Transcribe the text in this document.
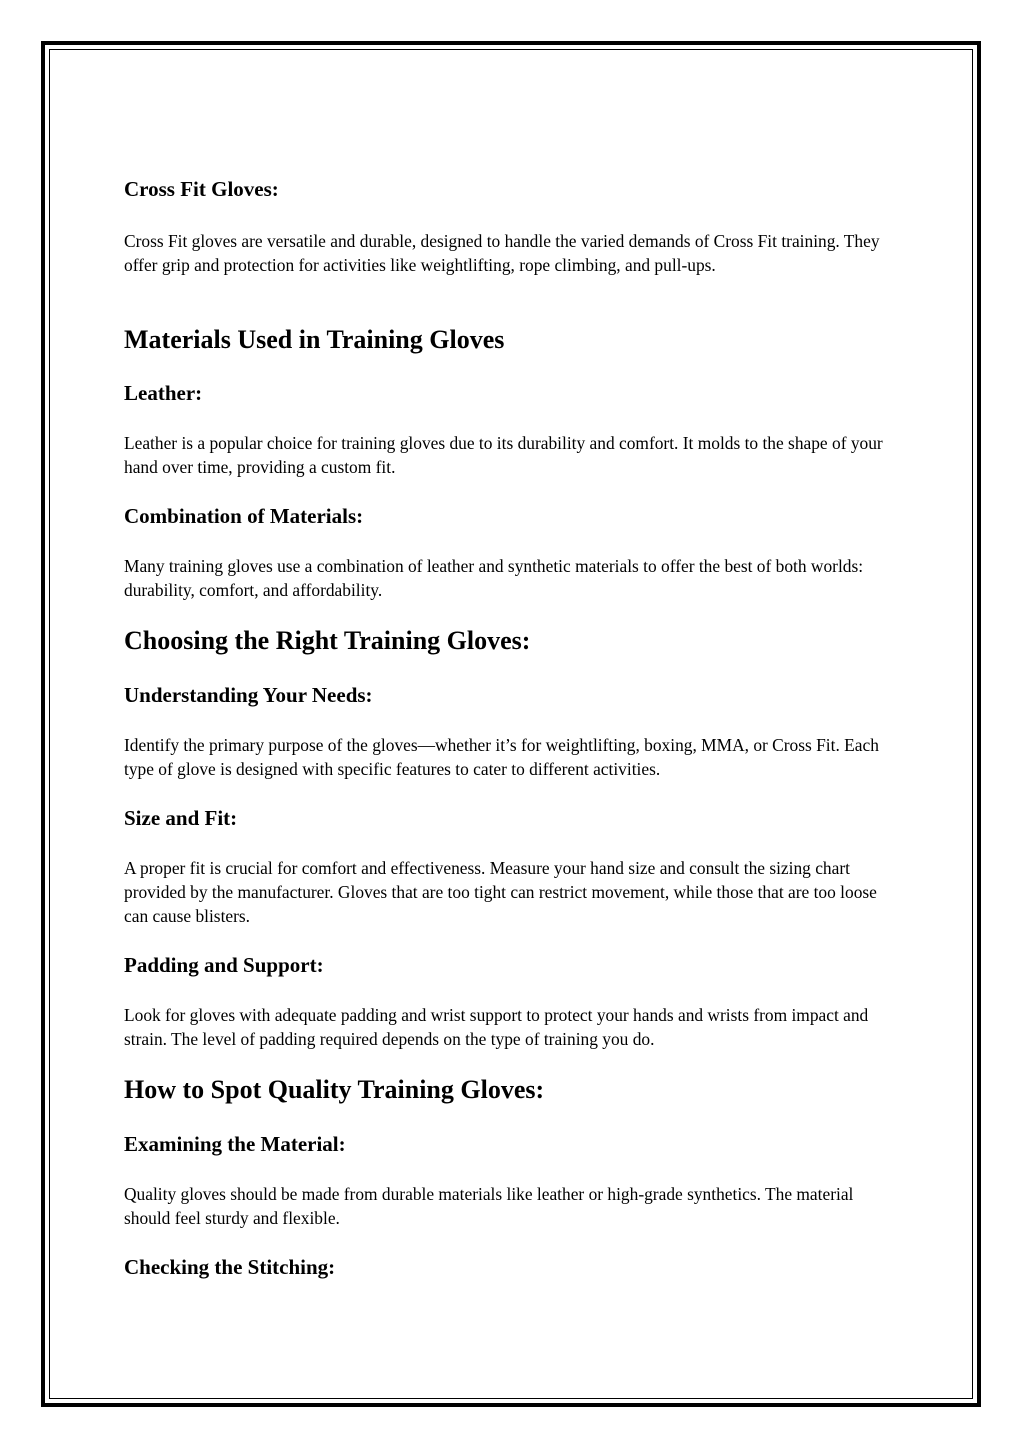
Cross Fit Gloves:

Cross Fit gloves are versatile and durable, designed to handle the varied demands of Cross Fit training. They offer grip and protection for activities like weightlifting, rope climbing, and pull-ups.

Materials Used in Training Gloves
Leather:

Leather is a popular choice for training gloves due to its durability and comfort. It molds to the shape of your hand over time, providing a custom fit.

Combination of Materials:

Many training gloves use a combination of leather and synthetic materials to offer the best of both worlds: durability, comfort, and affordability.

Choosing the Right Training Gloves:
Understanding Your Needs:

Identify the primary purpose of the gloves—whether it’s for weightlifting, boxing, MMA, or Cross Fit. Each type of glove is designed with specific features to cater to different activities.

Size and Fit:

A proper fit is crucial for comfort and effectiveness. Measure your hand size and consult the sizing chart provided by the manufacturer. Gloves that are too tight can restrict movement, while those that are too loose can cause blisters.

Padding and Support:

Look for gloves with adequate padding and wrist support to protect your hands and wrists from impact and strain. The level of padding required depends on the type of training you do.

How to Spot Quality Training Gloves:
Examining the Material:

Quality gloves should be made from durable materials like leather or high-grade synthetics. The material should feel sturdy and flexible.

Checking the Stitching:
